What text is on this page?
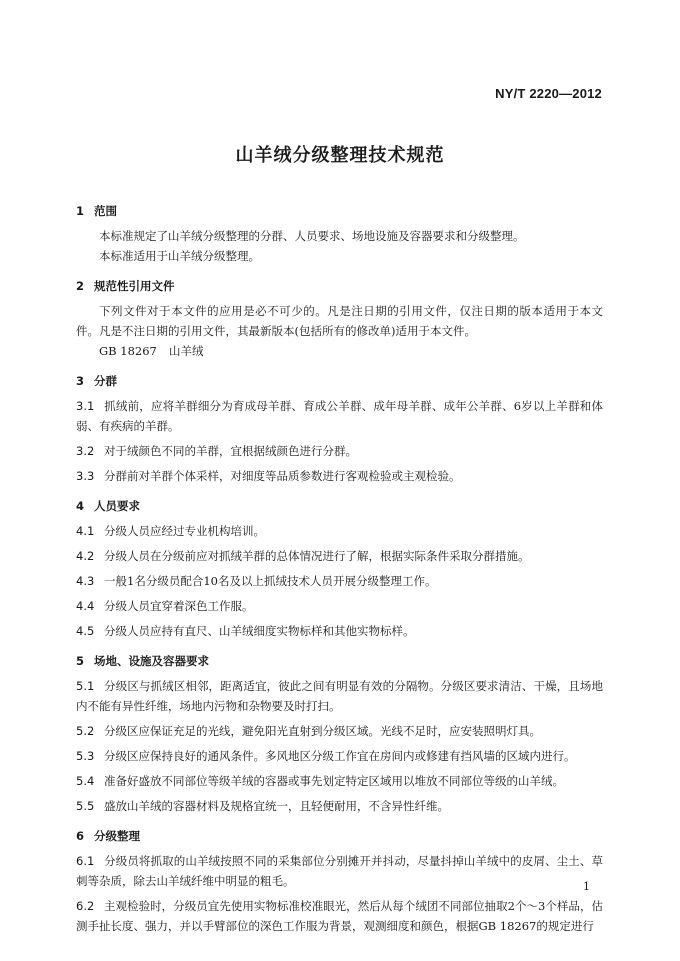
NY/T 2220—2012
山羊绒分级整理技术规范
1 范围
本标准规定了山羊绒分级整理的分群、人员要求、场地设施及容器要求和分级整理。
本标准适用于山羊绒分级整理。
2 规范性引用文件
下列文件对于本文件的应用是必不可少的。凡是注日期的引用文件，仅注日期的版本适用于本文件。凡是不注日期的引用文件，其最新版本(包括所有的修改单)适用于本文件。
GB 18267 山羊绒
3 分群
3.1 抓绒前，应将羊群细分为育成母羊群、育成公羊群、成年母羊群、成年公羊群、6岁以上羊群和体弱、有疾病的羊群。
3.2 对于绒颜色不同的羊群，宜根据绒颜色进行分群。
3.3 分群前对羊群个体采样，对细度等品质参数进行客观检验或主观检验。
4 人员要求
4.1 分级人员应经过专业机构培训。
4.2 分级人员在分级前应对抓绒羊群的总体情况进行了解，根据实际条件采取分群措施。
4.3 一般1名分级员配合10名及以上抓绒技术人员开展分级整理工作。
4.4 分级人员宜穿着深色工作服。
4.5 分级人员应持有直尺、山羊绒细度实物标样和其他实物标样。
5 场地、设施及容器要求
5.1 分级区与抓绒区相邻，距离适宜，彼此之间有明显有效的分隔物。分级区要求清洁、干燥，且场地内不能有异性纤维，场地内污物和杂物要及时打扫。
5.2 分级区应保证充足的光线，避免阳光直射到分级区域。光线不足时，应安装照明灯具。
5.3 分级区应保持良好的通风条件。多风地区分级工作宜在房间内或修建有挡风墙的区域内进行。
5.4 准备好盛放不同部位等级羊绒的容器或事先划定特定区域用以堆放不同部位等级的山羊绒。
5.5 盛放山羊绒的容器材料及规格宜统一，且轻便耐用，不含异性纤维。
6 分级整理
6.1 分级员将抓取的山羊绒按照不同的采集部位分别摊开并抖动，尽量抖掉山羊绒中的皮屑、尘土、草刺等杂质，除去山羊绒纤维中明显的粗毛。
6.2 主观检验时，分级员宜先使用实物标准校准眼光，然后从每个绒团不同部位抽取2个～3个样品，估测手扯长度、强力，并以手臂部位的深色工作服为背景，观测细度和颜色，根据GB 18267的规定进行
1
